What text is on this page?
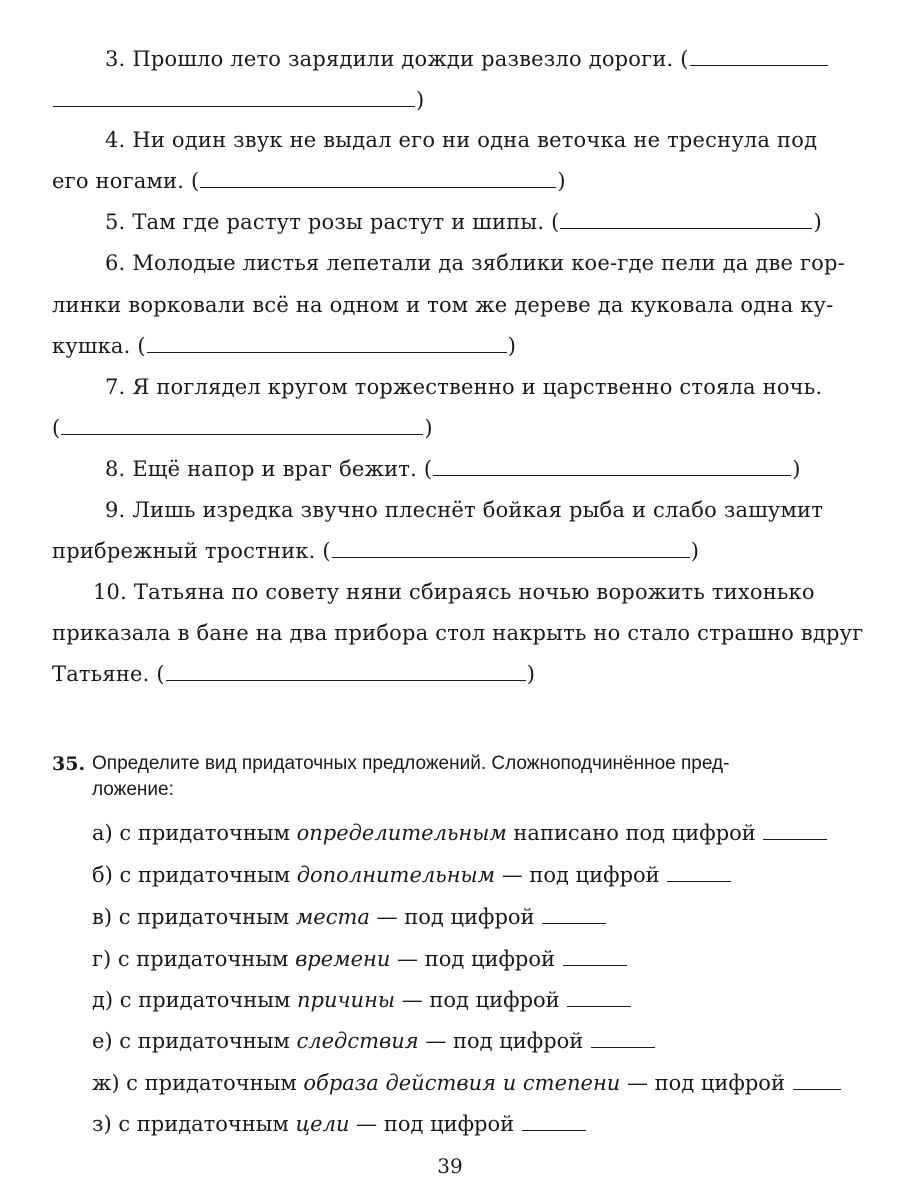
3. Прошло лето зарядили дожди развезло дороги. (
)
4. Ни один звук не выдал его ни одна веточка не треснула под
его ногами. (	)
5. Там где растут розы растут и шипы. (	)
6. Молодые листья лепетали да зяблики кое-где пели да две гор-
линки ворковали всё на одном и том же дереве да куковала одна ку-
кушка. (	)
7. Я поглядел кругом торжественно и царственно стояла ночь.
(	)
8. Ещё напор и враг бежит. (	)
9. Лишь изредка звучно плеснёт бойкая рыба и слабо зашумит
прибрежный тростник. (	)
10. Татьяна по совету няни сбираясь ночью ворожить тихонько
приказала в бане на два прибора стол накрыть но стало страшно вдруг
Татьяне. (	)
35. Определите вид придаточных предложений. Сложноподчинённое пред-
ложение:
а) с придаточным определительным написано под цифрой
б) с придаточным дополнительным — под цифрой
в) с придаточным места — под цифрой
г) с придаточным времени — под цифрой
д) с придаточным причины — под цифрой
е) с придаточным следствия — под цифрой
ж) с придаточным образа действия и степени — под цифрой
з) с придаточным цели — под цифрой
39
